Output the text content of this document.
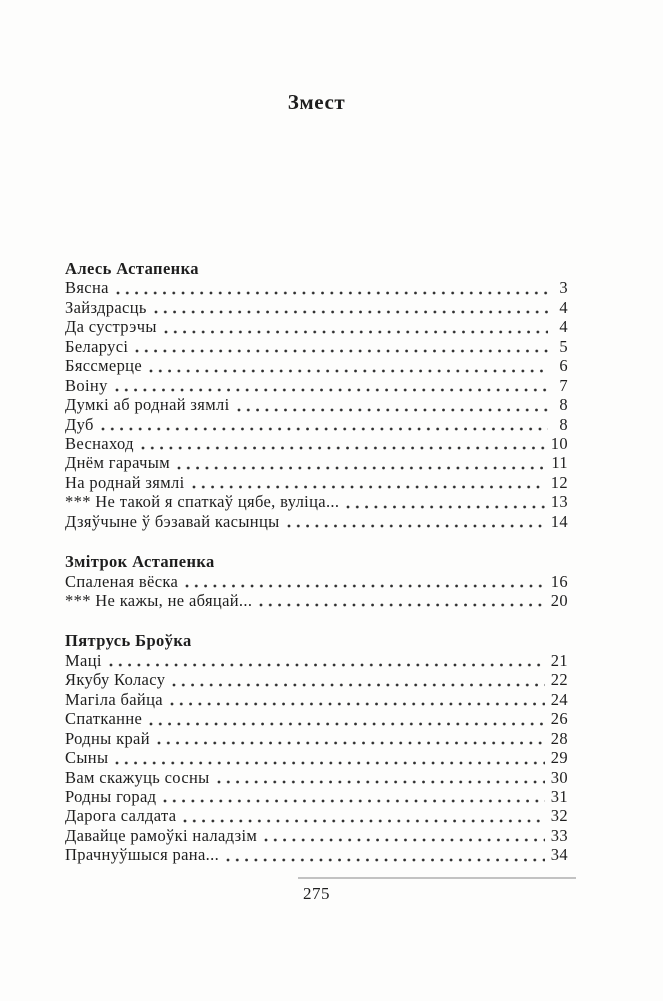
Змест
Алесь Астапенка
Вясна	3
Зайздрасць	4
Да сустрэчы	4
Беларусі	5
Бяссмерце	6
Воіну	7
Думкі аб роднай зямлі	8
Дуб	8
Веснаход	10
Днём гарачым	11
На роднай зямлі	12
*** Не такой я спаткаў цябе, вуліца...	13
Дзяўчыне ў бэзавай касынцы	14
Змітрок Астапенка
Спаленая вёска	16
*** Не кажы, не абяцай...	20
Пятрусь Броўка
Маці	21
Якубу Коласу	22
Магіла байца	24
Спатканне	26
Родны край	28
Сыны	29
Вам скажуць сосны	30
Родны горад	31
Дарога салдата	32
Давайце рамоўкі наладзім	33
Прачнуўшыся рана...	34
275
